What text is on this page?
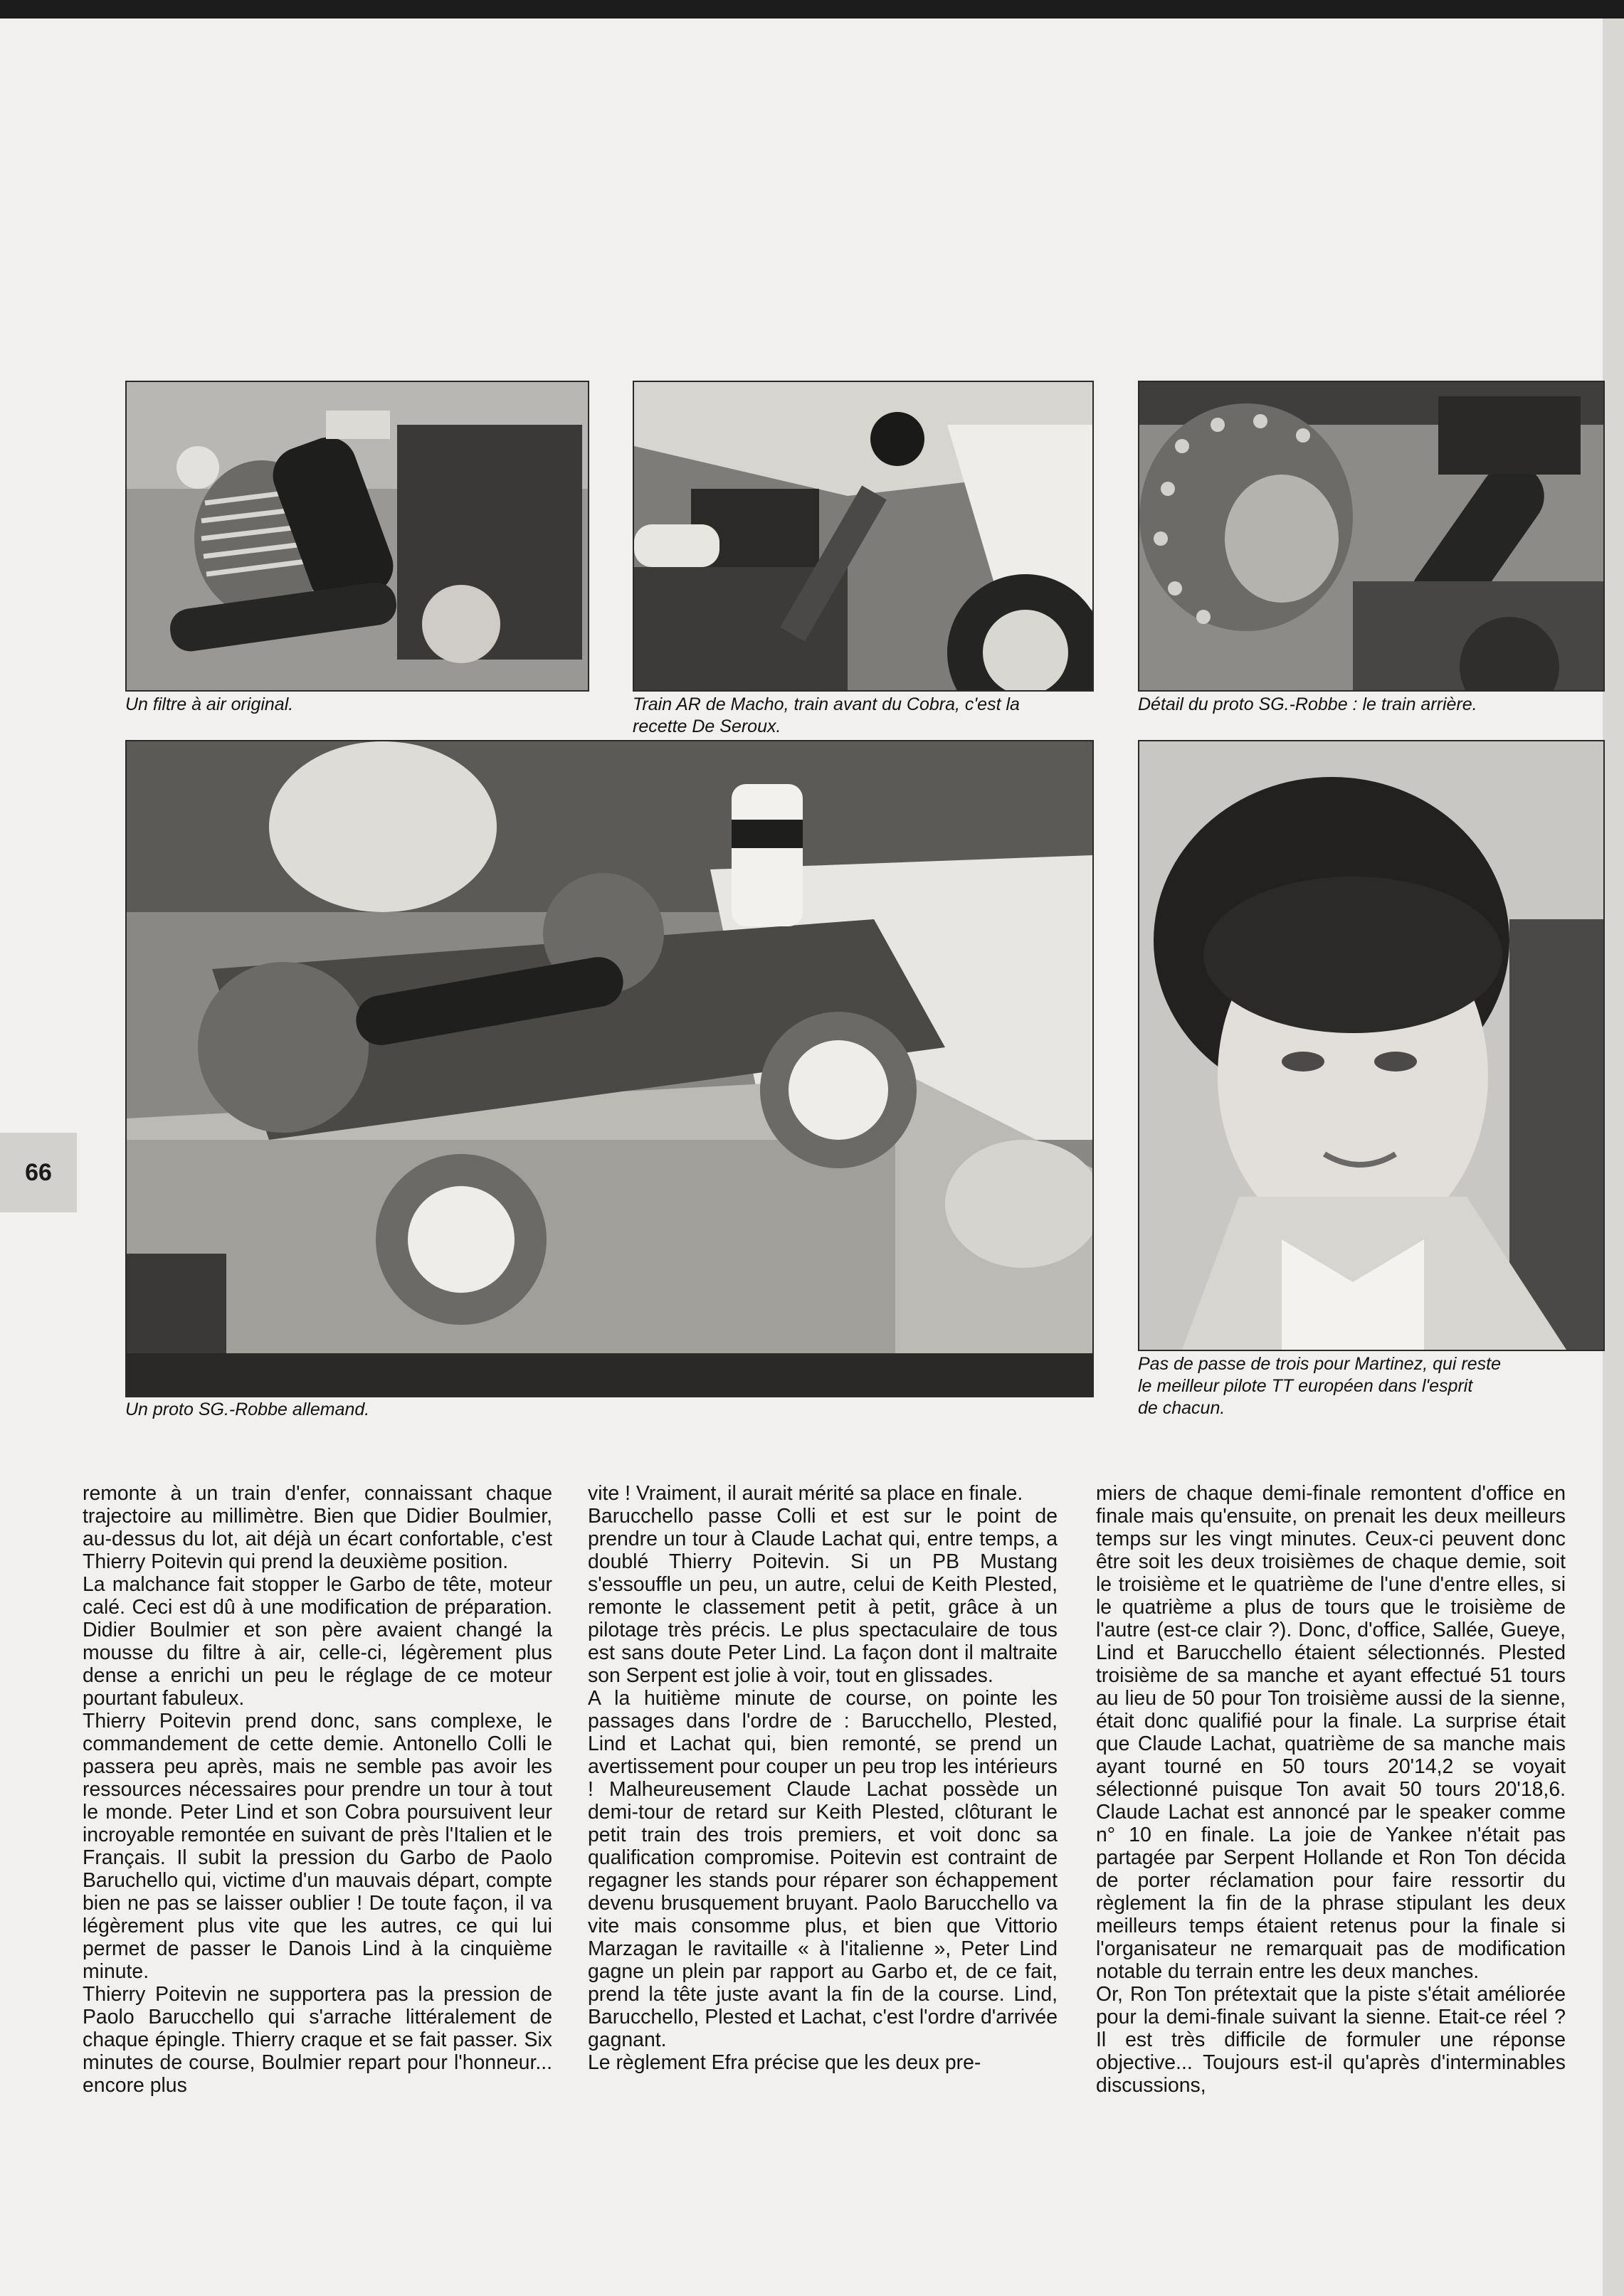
Un filtre à air original.	Train AR de Macho, train avant du Cobra, c'est la
recette De Seroux.
Détail du proto SG.-Robbe : le train arrière.
Un proto SG.-Robbe allemand.
Pas de passe de trois pour Martinez, qui reste
le meilleur pilote TT européen dans l'esprit
de chacun.
66

remonte à un train d'enfer, connaissant chaque trajectoire au millimètre. Bien que Didier Boulmier, au-dessus du lot, ait déjà un écart confortable, c'est Thierry Poitevin qui prend la deuxième position.

La malchance fait stopper le Garbo de tête, moteur calé. Ceci est dû à une modification de préparation. Didier Boulmier et son père avaient changé la mousse du filtre à air, celle-ci, légèrement plus dense a enrichi un peu le réglage de ce moteur pourtant fabuleux.

Thierry Poitevin prend donc, sans complexe, le commandement de cette demie. Antonello Colli le passera peu après, mais ne semble pas avoir les ressources nécessaires pour prendre un tour à tout le monde. Peter Lind et son Cobra poursuivent leur incroyable remontée en suivant de près l'Italien et le Français. Il subit la pression du Garbo de Paolo Baruchello qui, victime d'un mauvais départ, compte bien ne pas se laisser oublier ! De toute façon, il va légèrement plus vite que les autres, ce qui lui permet de passer le Danois Lind à la cinquième minute.

Thierry Poitevin ne supportera pas la pression de Paolo Barucchello qui s'arrache littéralement de chaque épingle. Thierry craque et se fait passer. Six minutes de course, Boulmier repart pour l'honneur... encore plus

vite ! Vraiment, il aurait mérité sa place en finale.

Barucchello passe Colli et est sur le point de prendre un tour à Claude Lachat qui, entre temps, a doublé Thierry Poitevin. Si un PB Mustang s'essouffle un peu, un autre, celui de Keith Plested, remonte le classement petit à petit, grâce à un pilotage très précis. Le plus spectaculaire de tous est sans doute Peter Lind. La façon dont il maltraite son Serpent est jolie à voir, tout en glissades.

A la huitième minute de course, on pointe les passages dans l'ordre de : Barucchello, Plested, Lind et Lachat qui, bien remonté, se prend un avertissement pour couper un peu trop les intérieurs ! Malheureusement Claude Lachat possède un demi-tour de retard sur Keith Plested, clôturant le petit train des trois premiers, et voit donc sa qualification compromise. Poitevin est contraint de regagner les stands pour réparer son échappement devenu brusquement bruyant. Paolo Barucchello va vite mais consomme plus, et bien que Vittorio Marzagan le ravitaille « à l'italienne », Peter Lind gagne un plein par rapport au Garbo et, de ce fait, prend la tête juste avant la fin de la course. Lind, Barucchello, Plested et Lachat, c'est l'ordre d'arrivée gagnant.

Le règlement Efra précise que les deux pre-

miers de chaque demi-finale remontent d'office en finale mais qu'ensuite, on prenait les deux meilleurs temps sur les vingt minutes. Ceux-ci peuvent donc être soit les deux troisièmes de chaque demie, soit le troisième et le quatrième de l'une d'entre elles, si le quatrième a plus de tours que le troisième de l'autre (est-ce clair ?). Donc, d'office, Sallée, Gueye, Lind et Barucchello étaient sélectionnés. Plested troisième de sa manche et ayant effectué 51 tours au lieu de 50 pour Ton troisième aussi de la sienne, était donc qualifié pour la finale. La surprise était que Claude Lachat, quatrième de sa manche mais ayant tourné en 50 tours 20'14,2 se voyait sélectionné puisque Ton avait 50 tours 20'18,6. Claude Lachat est annoncé par le speaker comme n° 10 en finale. La joie de Yankee n'était pas partagée par Serpent Hollande et Ron Ton décida de porter réclamation pour faire ressortir du règlement la fin de la phrase stipulant les deux meilleurs temps étaient retenus pour la finale si l'organisateur ne remarquait pas de modification notable du terrain entre les deux manches.

Or, Ron Ton prétextait que la piste s'était améliorée pour la demi-finale suivant la sienne. Etait-ce réel ? Il est très difficile de formuler une réponse objective... Toujours est-il qu'après d'interminables discussions,
